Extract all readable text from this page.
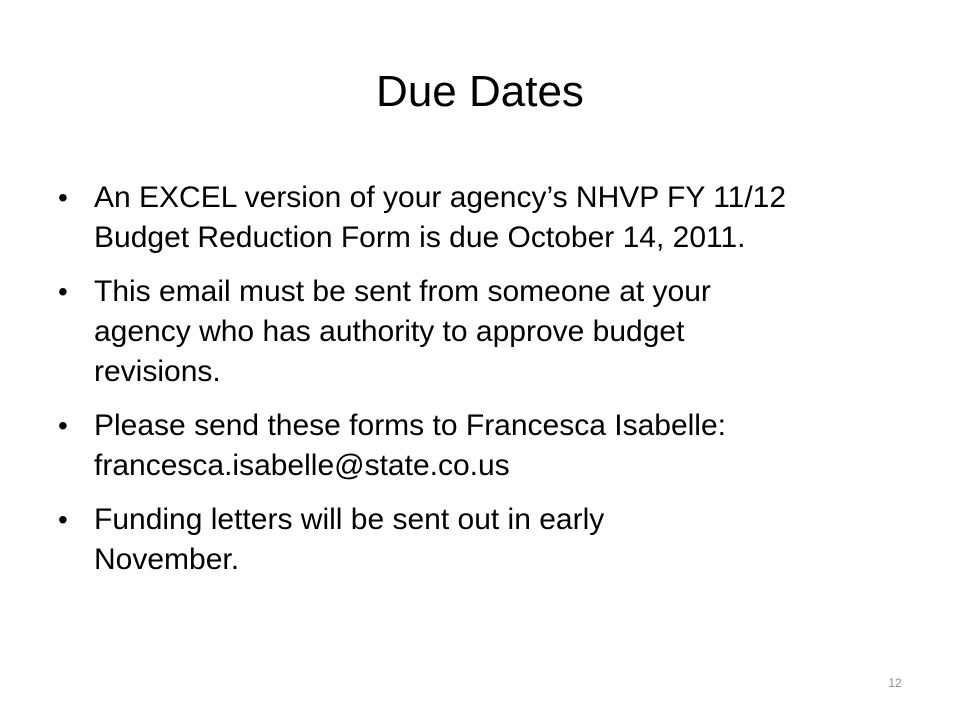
Due Dates
• An EXCEL version of your agency’s NHVP FY 11/12
Budget Reduction Form is due October 14, 2011.
• This email must be sent from someone at your
agency who has authority to approve budget
revisions.
• Please send these forms to Francesca Isabelle:
francesca.isabelle@state.co.us
• Funding letters will be sent out in early
November.
12
